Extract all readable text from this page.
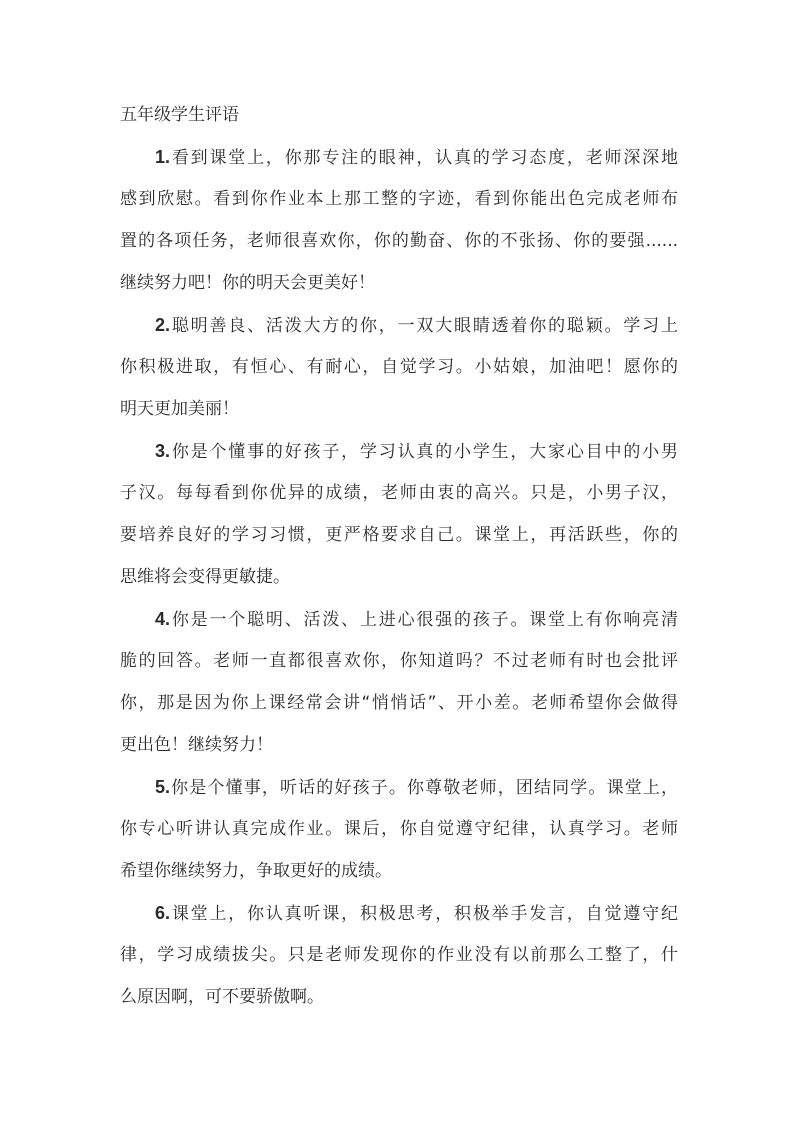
五年级学生评语
1.看到课堂上，你那专注的眼神，认真的学习态度，老师深深地
感到欣慰。看到你作业本上那工整的字迹，看到你能出色完成老师布
置的各项任务，老师很喜欢你，你的勤奋、你的不张扬、你的要强......
继续努力吧！你的明天会更美好！
2.聪明善良、活泼大方的你，一双大眼睛透着你的聪颖。学习上
你积极进取，有恒心、有耐心，自觉学习。小姑娘，加油吧！愿你的
明天更加美丽！
3.你是个懂事的好孩子，学习认真的小学生，大家心目中的小男
子汉。每每看到你优异的成绩，老师由衷的高兴。只是，小男子汉，
要培养良好的学习习惯，更严格要求自己。课堂上，再活跃些，你的
思维将会变得更敏捷。
4.你是一个聪明、活泼、上进心很强的孩子。课堂上有你响亮清
脆的回答。老师一直都很喜欢你，你知道吗？不过老师有时也会批评
你，那是因为你上课经常会讲“悄悄话”、开小差。老师希望你会做得
更出色！继续努力！
5.你是个懂事，听话的好孩子。你尊敬老师，团结同学。课堂上，
你专心听讲认真完成作业。课后，你自觉遵守纪律，认真学习。老师
希望你继续努力，争取更好的成绩。
6.课堂上，你认真听课，积极思考，积极举手发言，自觉遵守纪
律，学习成绩拔尖。只是老师发现你的作业没有以前那么工整了，什
么原因啊，可不要骄傲啊。
